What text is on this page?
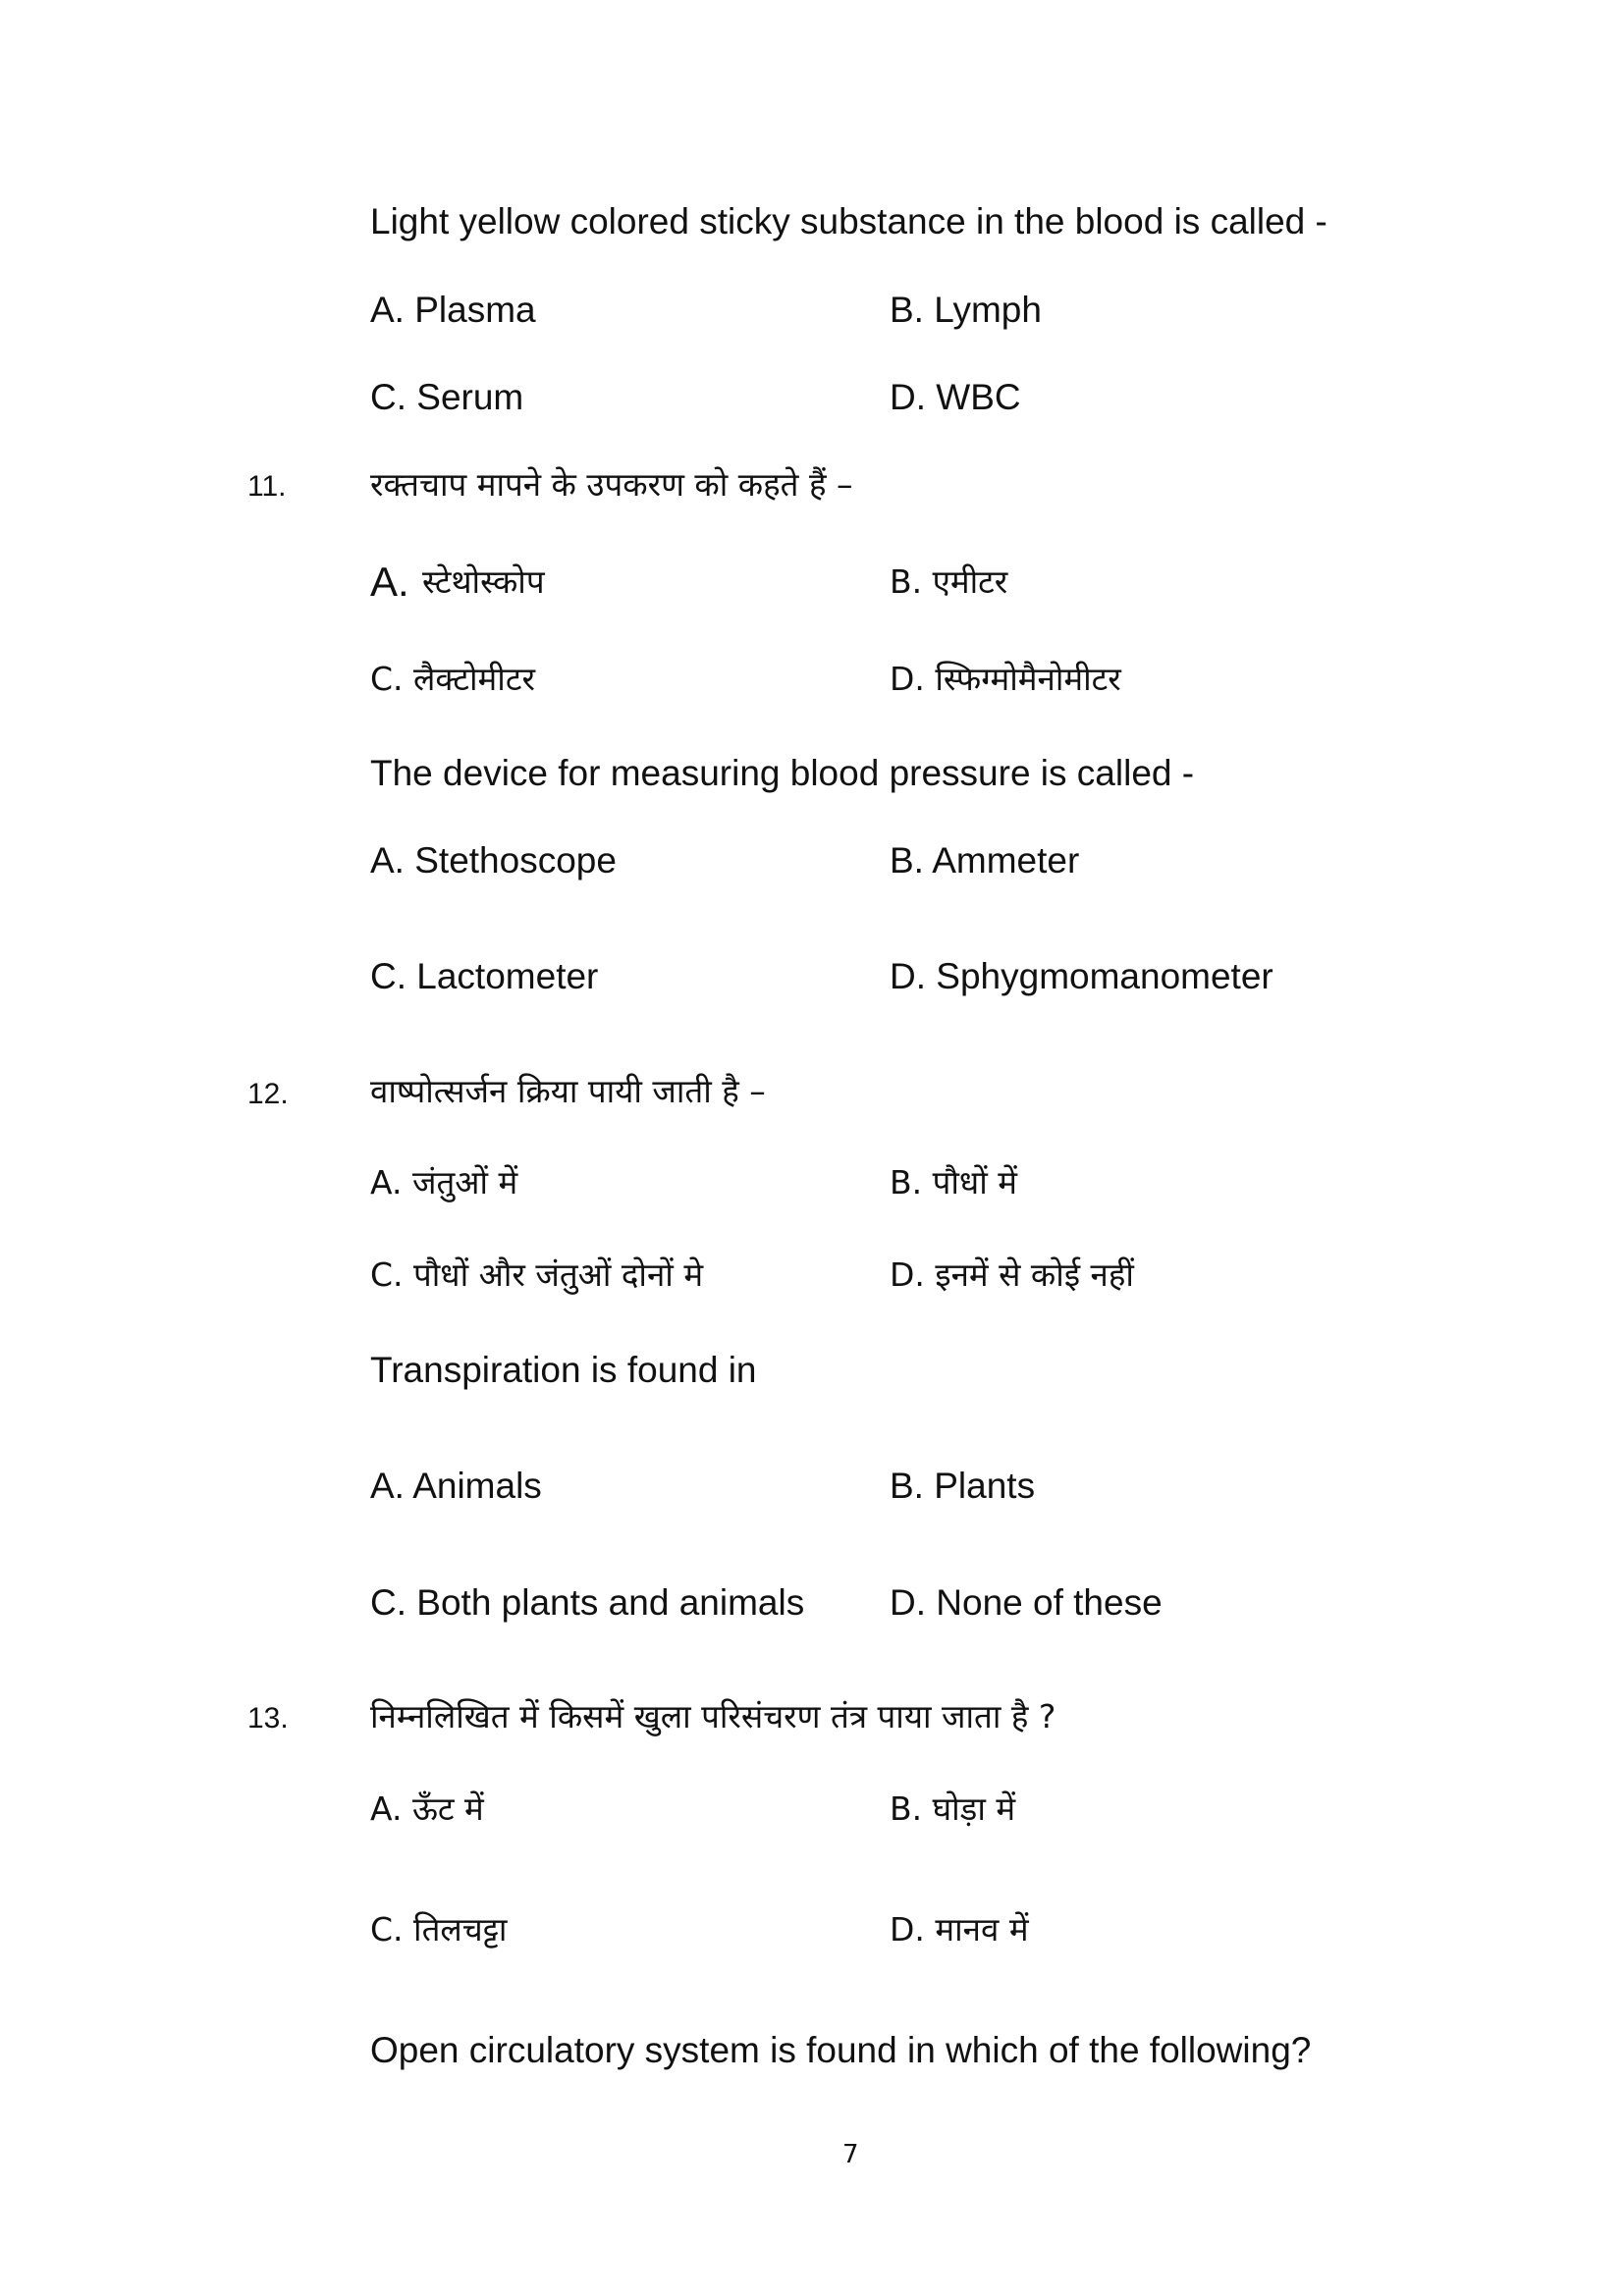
Light yellow colored sticky substance in the blood is called -
A. Plasma	B. Lymph
C. Serum	D. WBC
11.	रक्तचाप मापने के उपकरण को कहते हैं –
A. स्टेथोस्कोप	B. एमीटर
C. लैक्टोमीटर	D. स्फिग्मोमैनोमीटर
The device for measuring blood pressure is called -
A. Stethoscope	B. Ammeter
C. Lactometer	D. Sphygmomanometer
12.	वाष्पोत्सर्जन क्रिया पायी जाती है –
A. जंतुओं में	B. पौधों में
C. पौधों और जंतुओं दोनों मे	D. इनमें से कोई नहीं
Transpiration is found in
A. Animals	B. Plants
C. Both plants and animals D. None of these
13.	निम्नलिखित में किसमें खुला परिसंचरण तंत्र पाया जाता है ?
A. ऊँट में	B. घोड़ा में
C. तिलचट्टा	D. मानव में
Open circulatory system is found in which of the following?
7
